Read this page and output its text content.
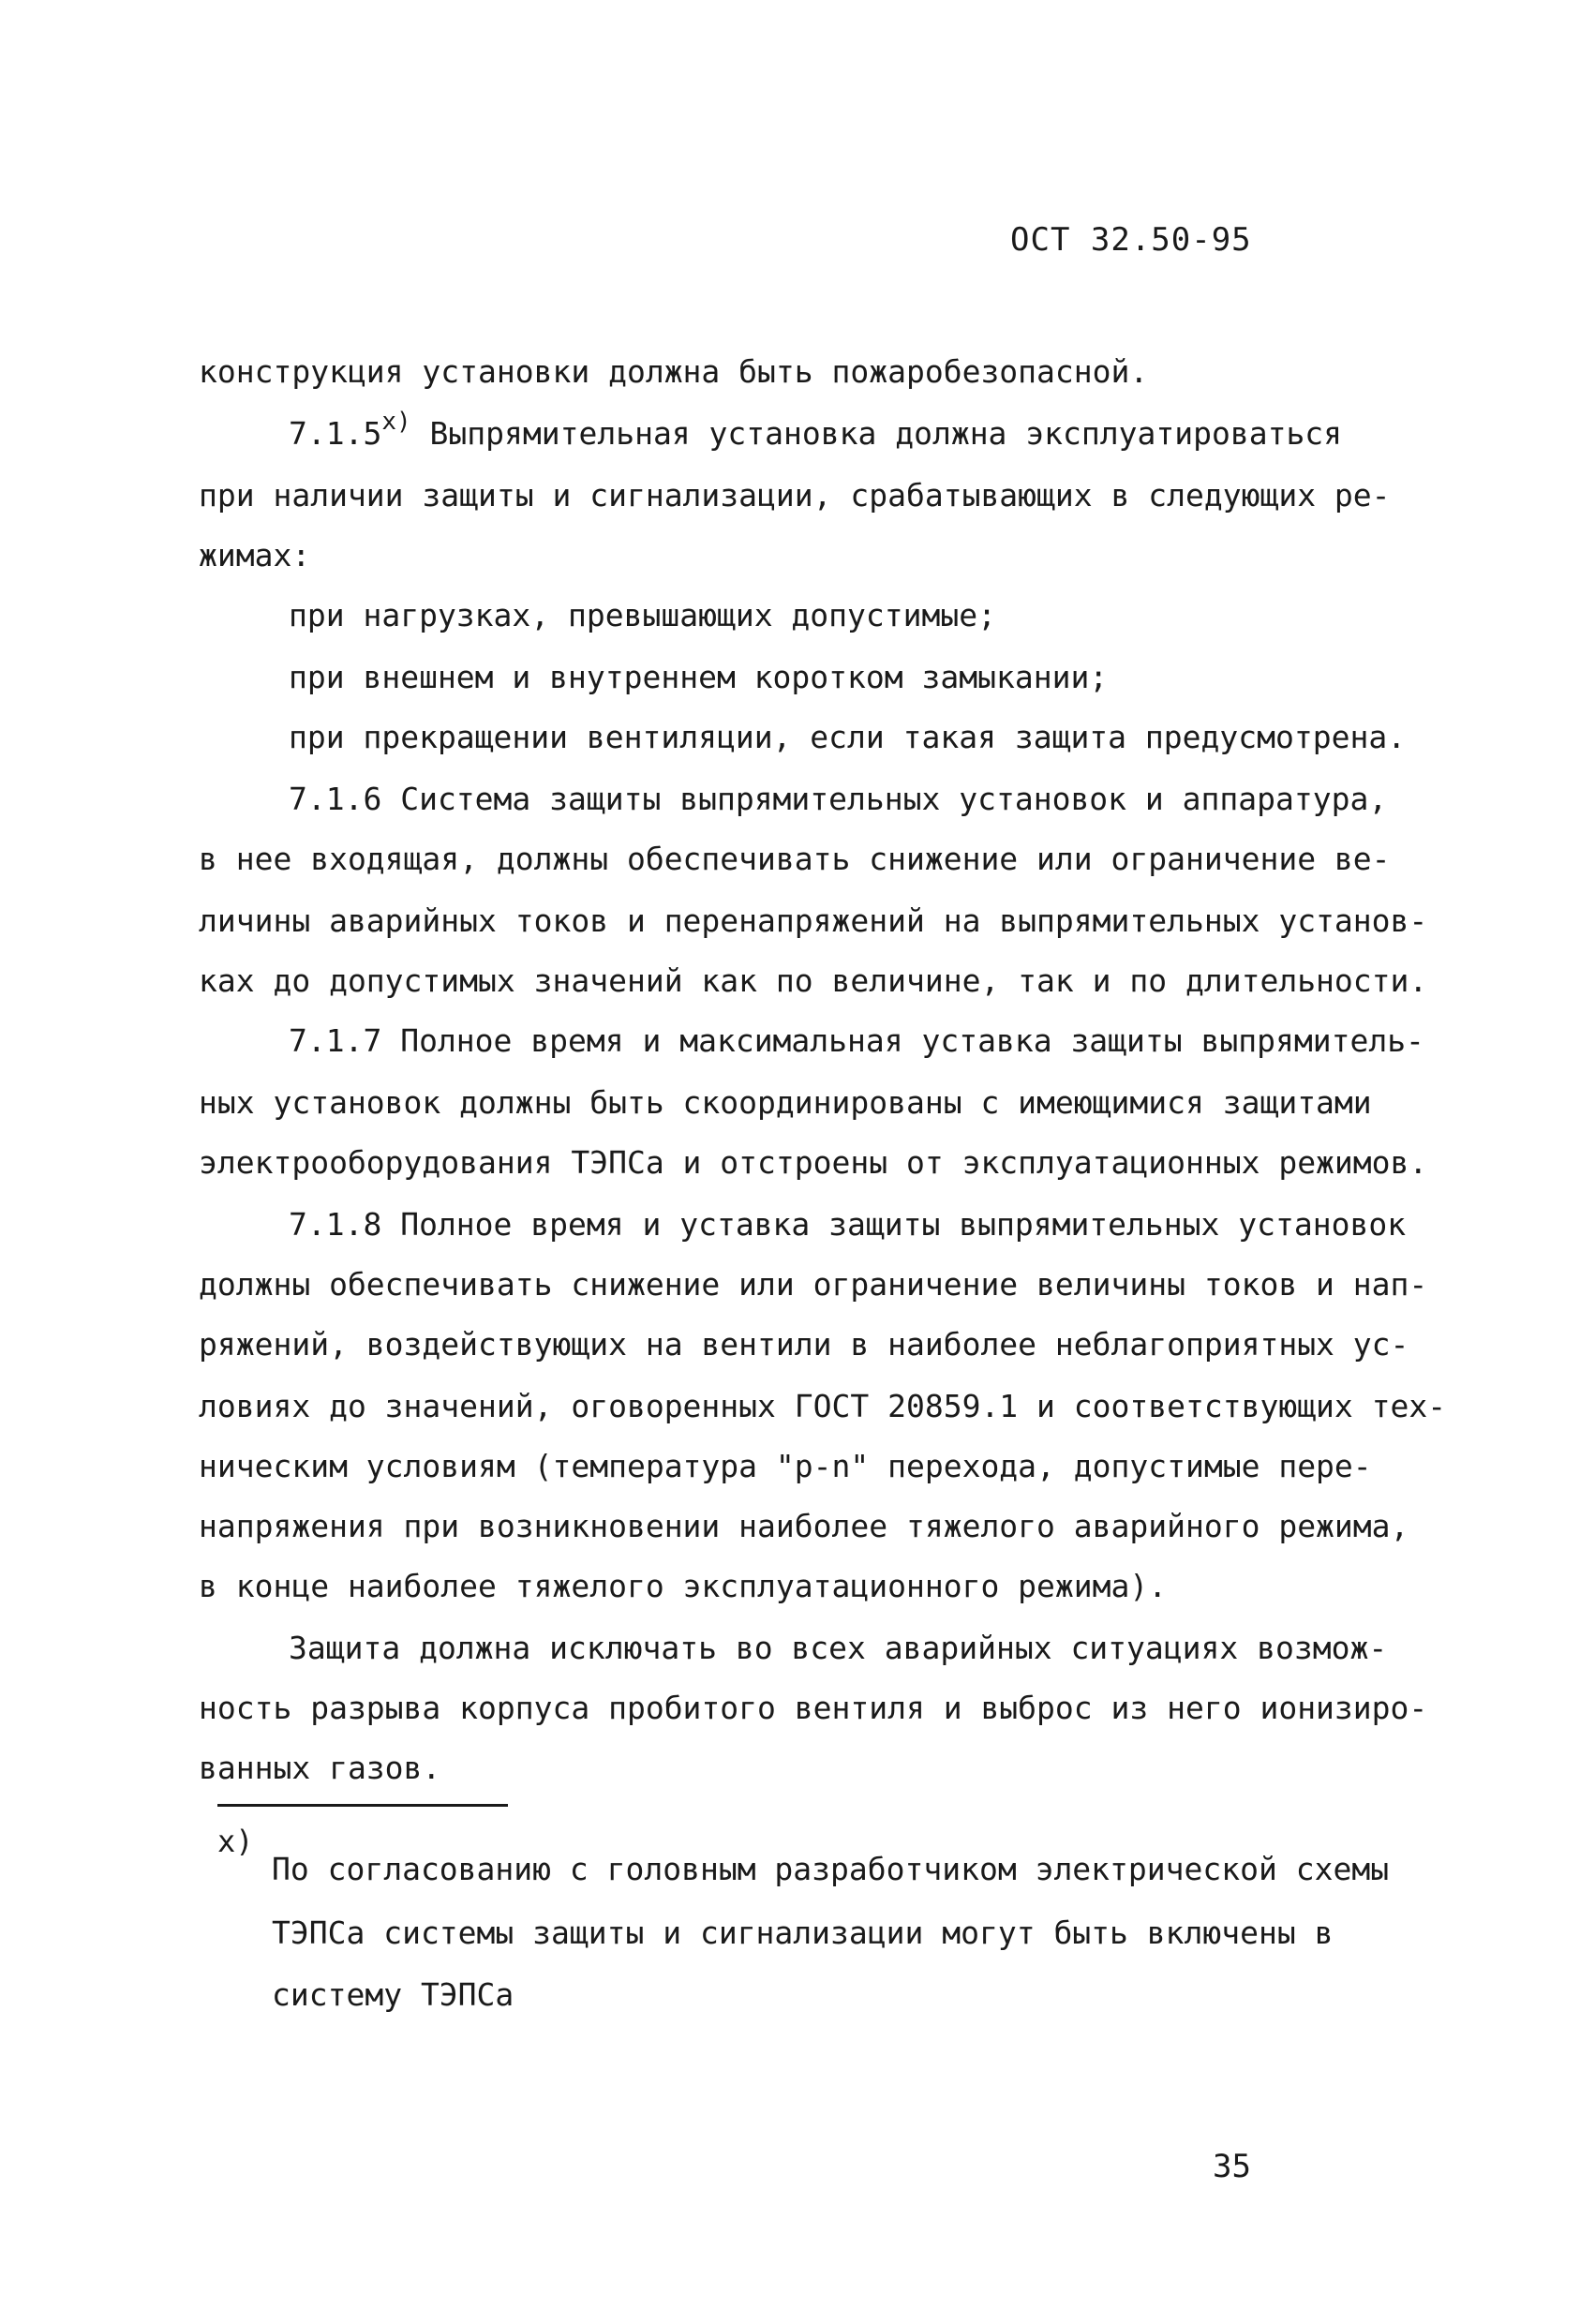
ОСТ 32.50-95
конструкция установки должна быть пожаробезопасной.
$7.1.5^{х)}$ Выпрямительная установка должна эксплуатироваться
при наличии защиты и сигнализации, срабатывающих в следующих ре-
жимах:
при нагрузках, превышающих допустимые;
при внешнем и внутреннем коротком замыкании;
при прекращении вентиляции, если такая защита предусмотрена.
7.1.6 Система защиты выпрямительных установок и аппаратура,
в нее входящая, должны обеспечивать снижение или ограничение ве-
личины аварийных токов и перенапряжений на выпрямительных установ-
ках до допустимых значений как по величине, так и по длительности.
7.1.7 Полное время и максимальная уставка защиты выпрямитель-
ных установок должны быть скоординированы с имеющимися защитами
электрооборудования ТЭПСа и отстроены от эксплуатационных режимов.
7.1.8 Полное время и уставка защиты выпрямительных установок
должны обеспечивать снижение или ограничение величины токов и нап-
ряжений, воздействующих на вентили в наиболее неблагоприятных ус-
ловиях до значений, оговоренных ГОСТ 20859.1 и соответствующих тех-
ническим условиям (температура "p-n" перехода, допустимые пере-
напряжения при возникновении наиболее тяжелого аварийного режима,
в конце наиболее тяжелого эксплуатационного режима).
Защита должна исключать во всех аварийных ситуациях возмож-
ность разрыва корпуса пробитого вентиля и выброс из него ионизиро-
ванных газов.
х)
По согласованию с головным разработчиком электрической схемы
ТЭПСа системы защиты и сигнализации могут быть включены в
систему ТЭПСа
35
